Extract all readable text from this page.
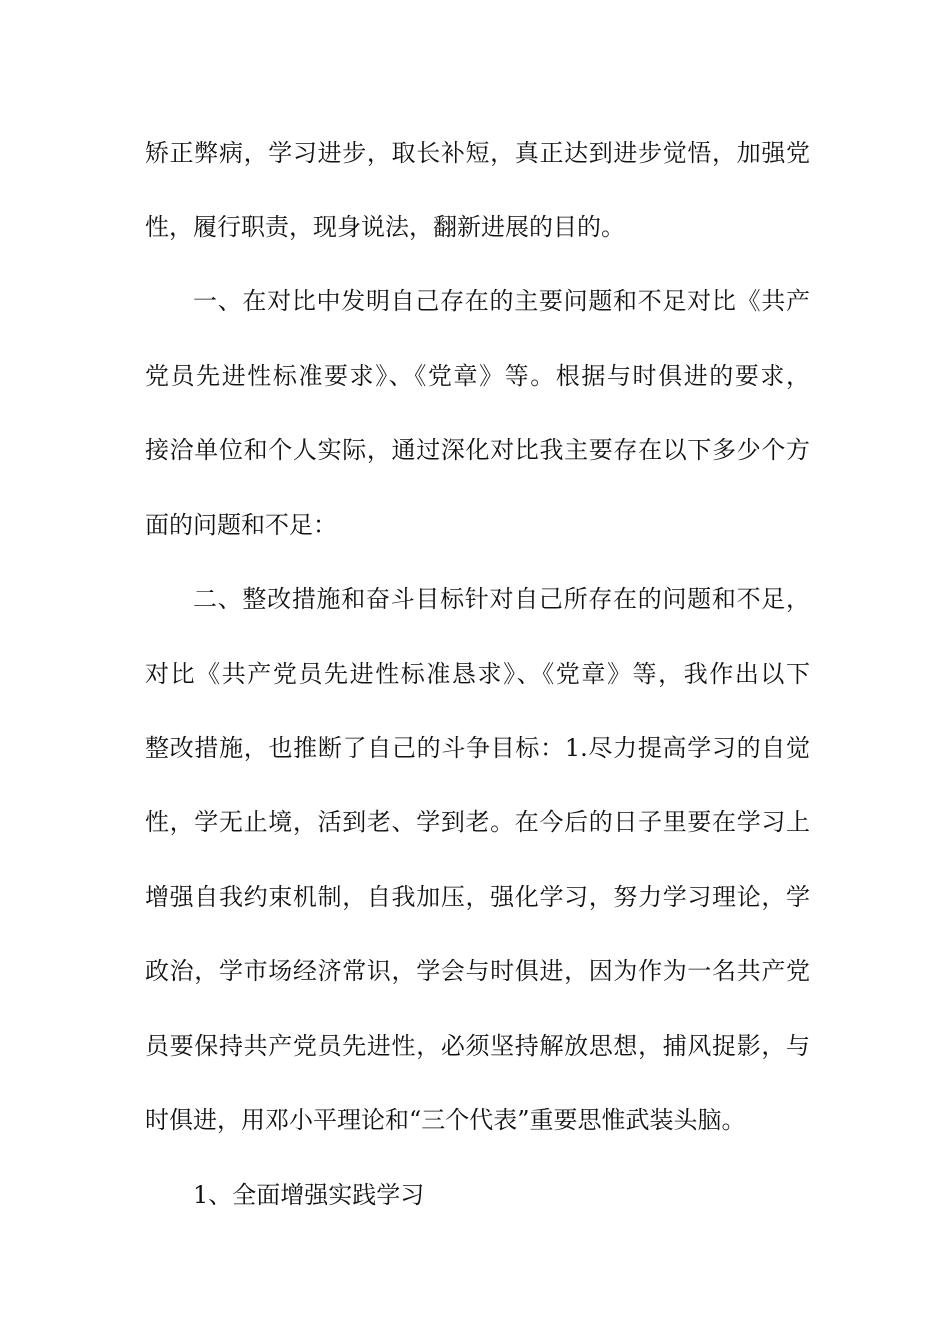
矫正弊病，学习进步，取长补短，真正达到进步觉悟，加强党
性，履行职责，现身说法，翻新进展的目的。
一、在对比中发明自己存在的主要问题和不足对比《共产
党员先进性标准要求》、《党章》等。根据与时俱进的要求，
接洽单位和个人实际，通过深化对比我主要存在以下多少个方
面的问题和不足：
二、整改措施和奋斗目标针对自己所存在的问题和不足，
对比《共产党员先进性标准恳求》、《党章》等，我作出以下
整改措施，也推断了自己的斗争目标：1.尽力提高学习的自觉
性，学无止境，活到老、学到老。在今后的日子里要在学习上
增强自我约束机制，自我加压，强化学习，努力学习理论，学
政治，学市场经济常识，学会与时俱进，因为作为一名共产党
员要保持共产党员先进性，必须坚持解放思想，捕风捉影，与
时俱进，用邓小平理论和“三个代表”重要思惟武装头脑。
1、全面增强实践学习
